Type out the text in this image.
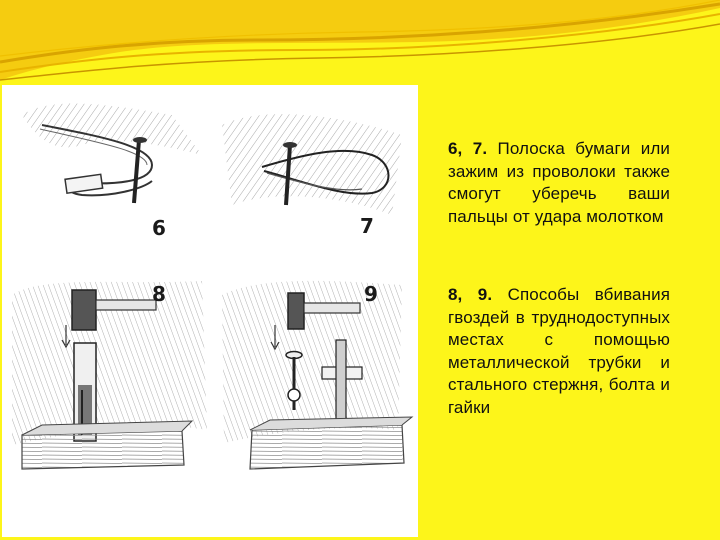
6	7
8	9

6, 7. Полоска бумаги или зажим из проволоки также смогут уберечь ваши пальцы от удара молотком

8, 9. Способы вбивания гвоздей в труднодоступных местах с помощью металлической трубки и стального стержня, болта и гайки
